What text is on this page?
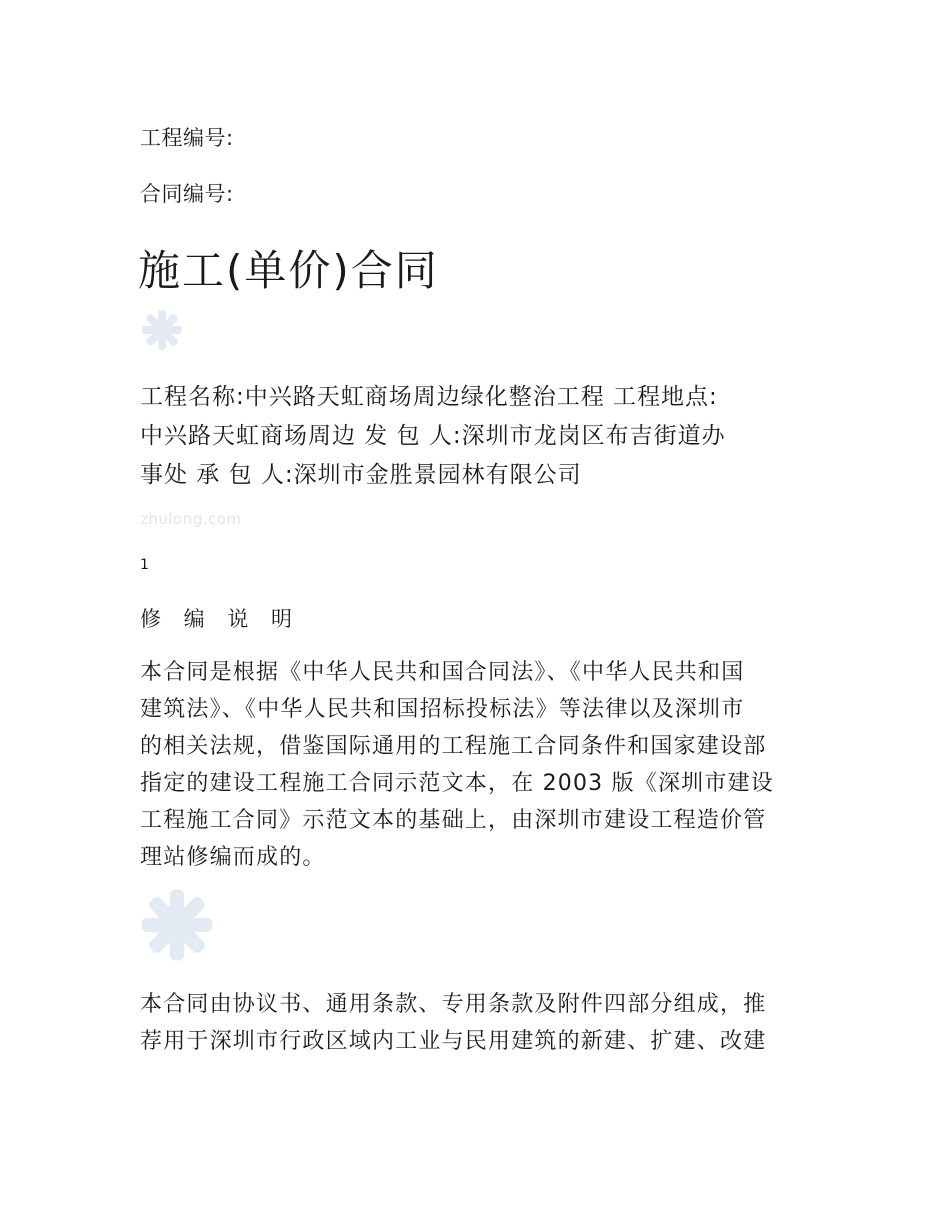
工程编号:
合同编号:
施工(单价)合同
工程名称:中兴路天虹商场周边绿化整治工程 工程地点:
中兴路天虹商场周边 发 包 人:深圳市龙岗区布吉街道办
事处 承 包 人:深圳市金胜景园林有限公司
zhulong.com
1
修 编 说 明
本合同是根据《中华人民共和国合同法》、《中华人民共和国
建筑法》、《中华人民共和国招标投标法》等法律以及深圳市
的相关法规，借鉴国际通用的工程施工合同条件和国家建设部
指定的建设工程施工合同示范文本，在 2003 版《深圳市建设
工程施工合同》示范文本的基础上，由深圳市建设工程造价管
理站修编而成的。
本合同由协议书、通用条款、专用条款及附件四部分组成，推
荐用于深圳市行政区域内工业与民用建筑的新建、扩建、改建
